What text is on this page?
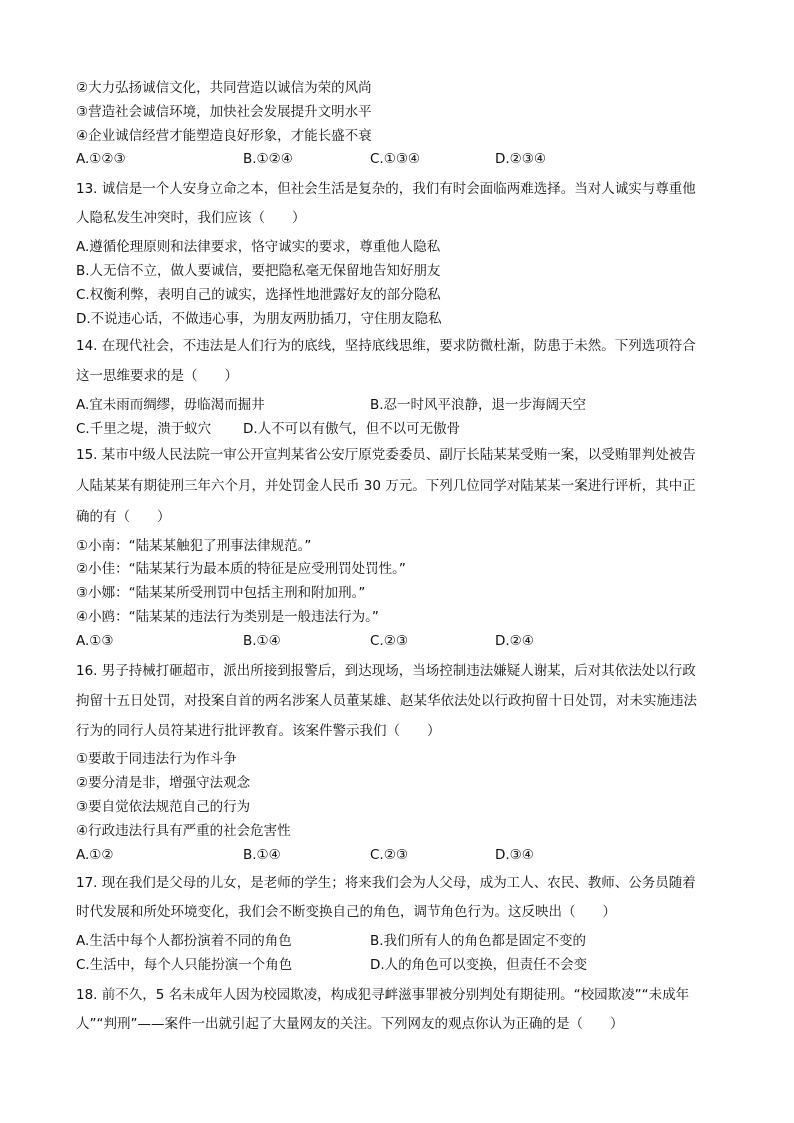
②大力弘扬诚信文化，共同营造以诚信为荣的风尚
③营造社会诚信环境，加快社会发展提升文明水平
④企业诚信经营才能塑造良好形象，才能长盛不衰
A.①②③	B.①②④	C.①③④	D.②③④
13. 诚信是一个人安身立命之本，但社会生活是复杂的，我们有时会面临两难选择。当对人诚实与尊重他
人隐私发生冲突时，我们应该（　　）
A.遵循伦理原则和法律要求，恪守诚实的要求，尊重他人隐私
B.人无信不立，做人要诚信，要把隐私毫无保留地告知好朋友
C.权衡利弊，表明自己的诚实，选择性地泄露好友的部分隐私
D.不说违心话，不做违心事，为朋友两肋插刀，守住朋友隐私
14. 在现代社会，不违法是人们行为的底线，坚持底线思维，要求防微杜渐，防患于未然。下列选项符合
这一思维要求的是（　　）
A.宜未雨而绸缪，毋临渴而掘井	B.忍一时风平浪静，退一步海阔天空
C.千里之堤，溃于蚁穴 D.人不可以有傲气，但不以可无傲骨
15. 某市中级人民法院一审公开宣判某省公安厅原党委委员、副厅长陆某某受贿一案，以受贿罪判处被告
人陆某某有期徒刑三年六个月，并处罚金人民币 30 万元。下列几位同学对陆某某一案进行评析，其中正
确的有（　　）
①小南：“陆某某触犯了刑事法律规范。”
②小佳：“陆某某行为最本质的特征是应受刑罚处罚性。”
③小娜：“陆某某所受刑罚中包括主刑和附加刑。”
④小鸥：“陆某某的违法行为类别是一般违法行为。”
A.①③	B.①④	C.②③	D.②④
16. 男子持械打砸超市，派出所接到报警后，到达现场，当场控制违法嫌疑人谢某，后对其依法处以行政
拘留十五日处罚，对投案自首的两名涉案人员董某雄、赵某华依法处以行政拘留十日处罚，对未实施违法
行为的同行人员符某进行批评教育。该案件警示我们（　　）
①要敢于同违法行为作斗争
②要分清是非，增强守法观念
③要自觉依法规范自己的行为
④行政违法行具有严重的社会危害性
A.①②	B.①④	C.②③	D.③④
17. 现在我们是父母的儿女，是老师的学生；将来我们会为人父母，成为工人、农民、教师、公务员随着
时代发展和所处环境变化，我们会不断变换自己的角色，调节角色行为。这反映出（　　）
A.生活中每个人都扮演着不同的角色	B.我们所有人的角色都是固定不变的
C.生活中，每个人只能扮演一个角色	D.人的角色可以变换，但责任不会变
18. 前不久，5 名未成年人因为校园欺凌，构成犯寻衅滋事罪被分别判处有期徒刑。“校园欺凌”“未成年
人”“判刑”——案件一出就引起了大量网友的关注。下列网友的观点你认为正确的是（　　）
